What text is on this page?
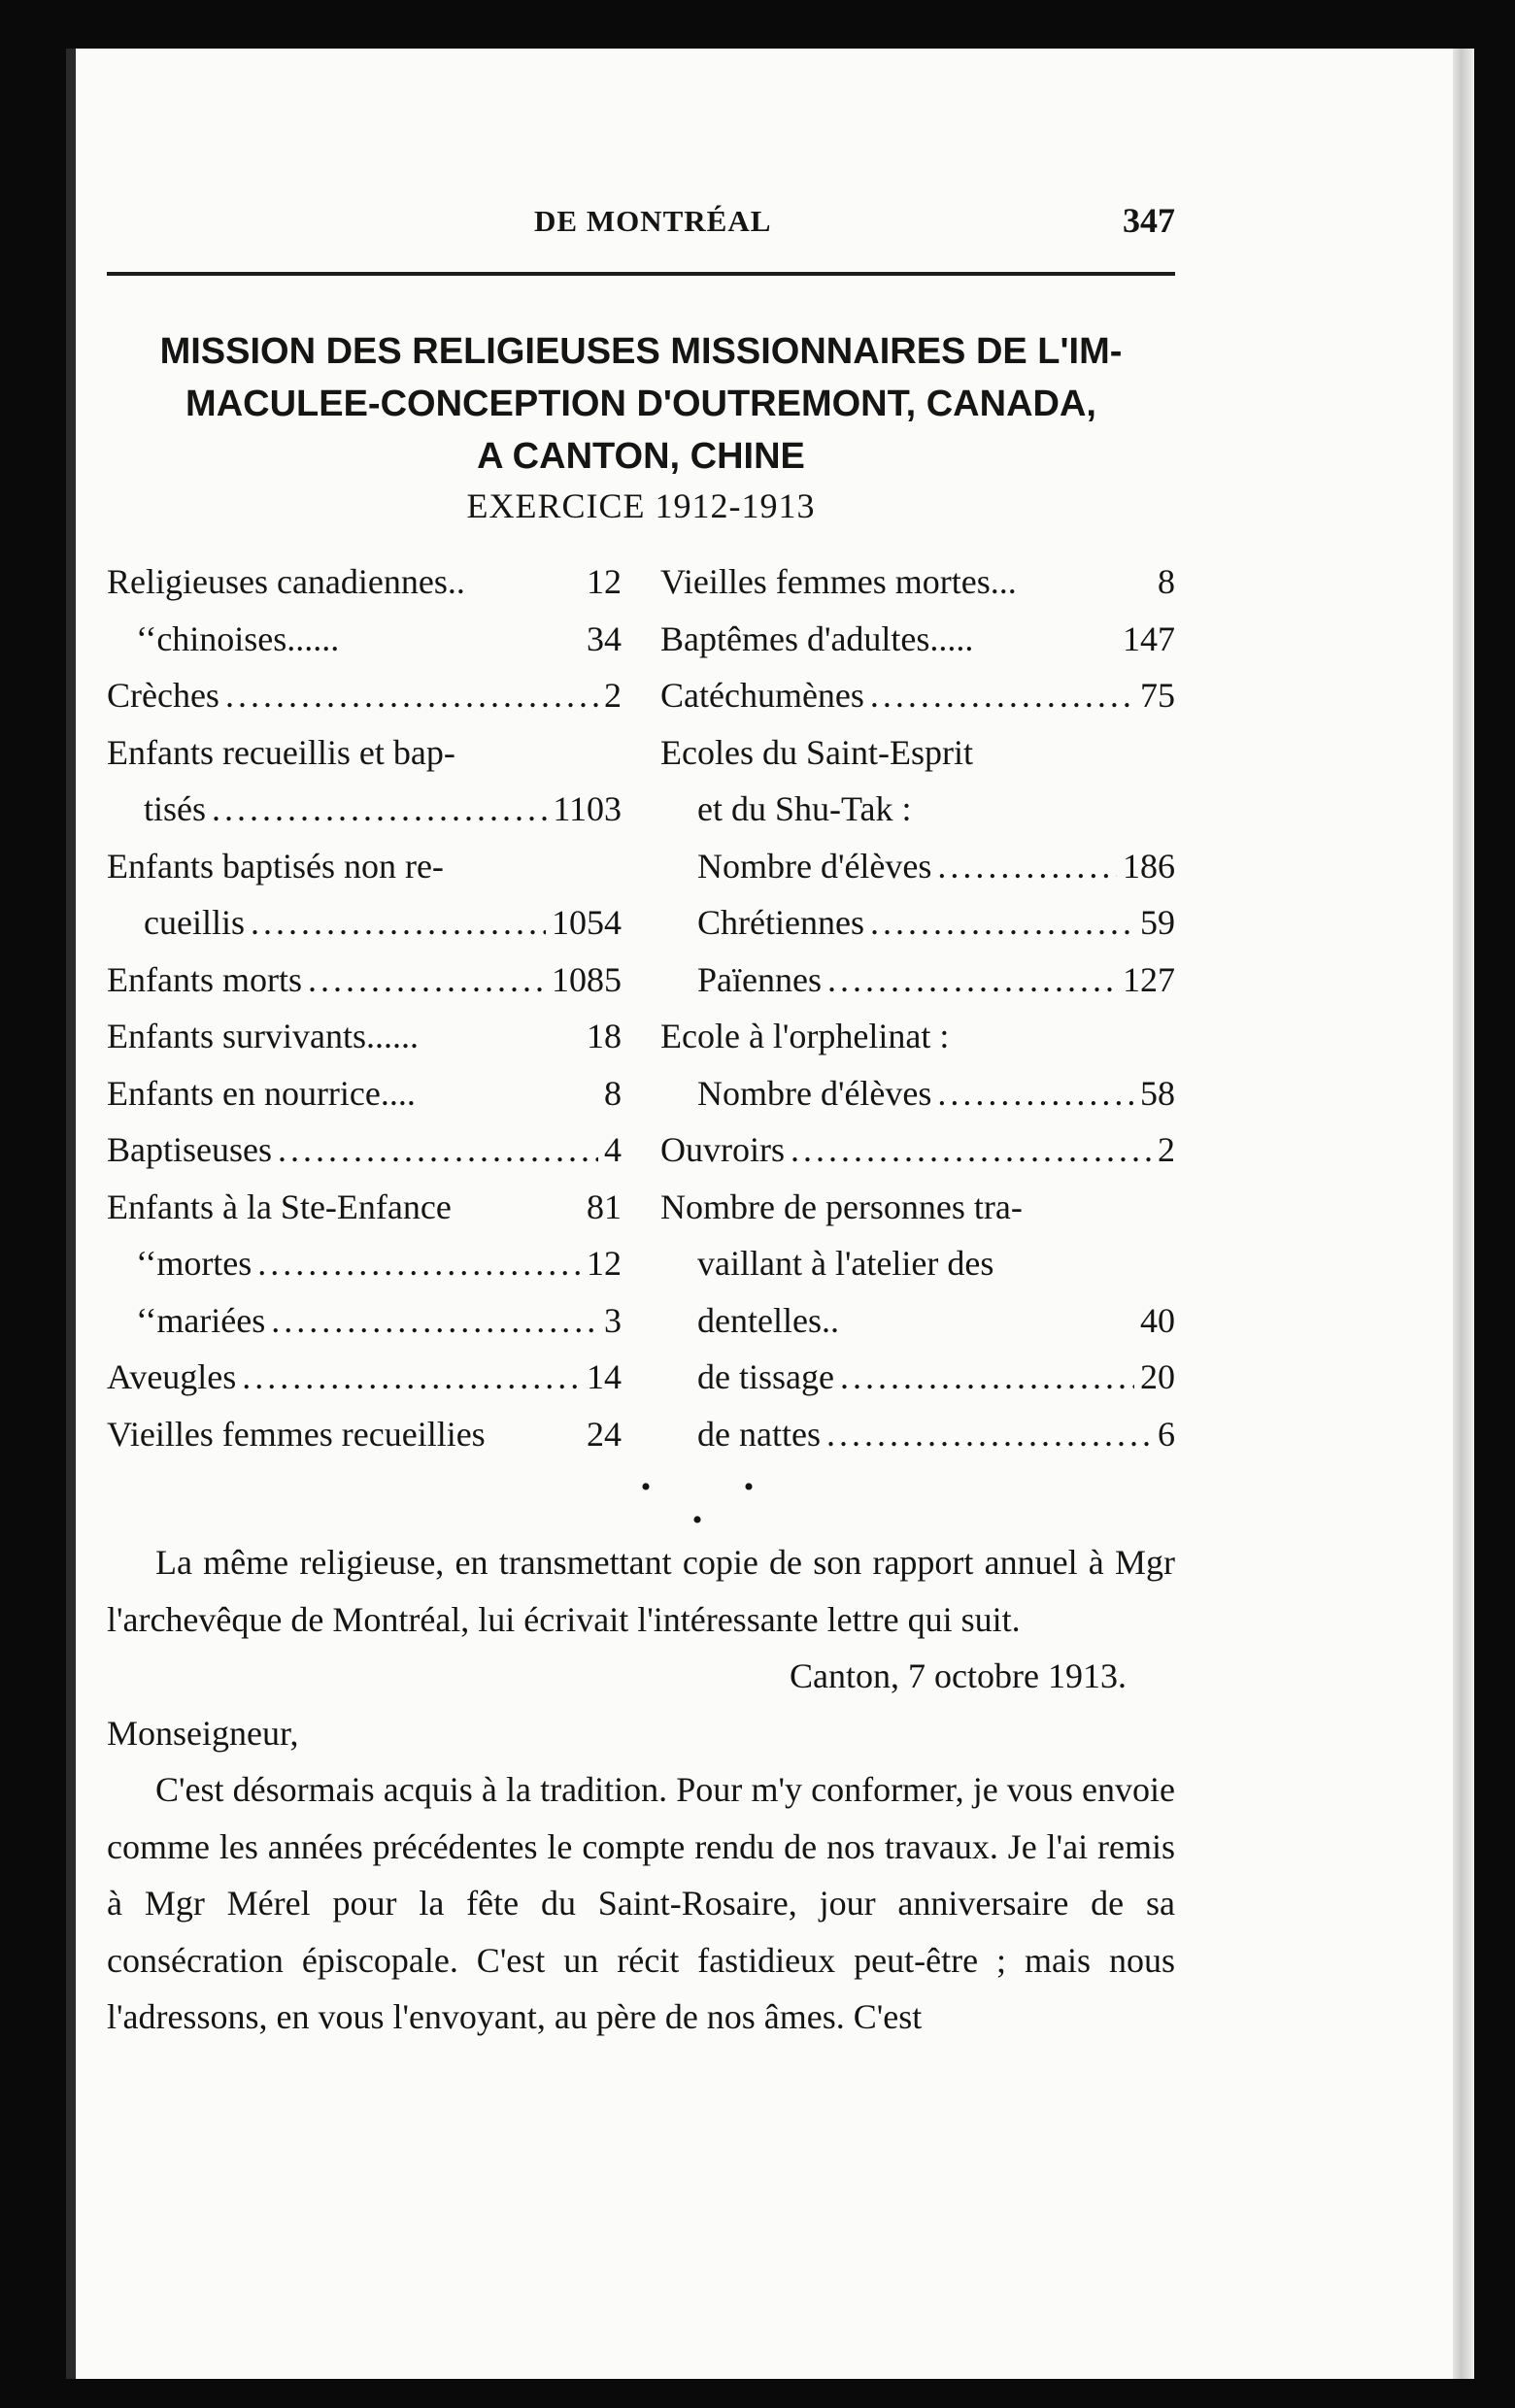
DE MONTRÉAL	347
MISSION DES RELIGIEUSES MISSIONNAIRES DE L'IM-
MACULEE-CONCEPTION D'OUTREMONT, CANADA,
A CANTON, CHINE
EXERCICE 1912-1913
Religieuses canadiennes..	12
‘‘ chinoises......	34
Crèches .....	2
Enfants recueillis et bap-
tisés .....	1103
Enfants baptisés non re-
cueillis .....	1054
Enfants morts .....	1085
Enfants survivants......	18
Enfants en nourrice....	8
Baptiseuses .....	4
Enfants à la Ste-Enfance	81
‘‘ mortes .....	12
‘‘ mariées .....	3
Aveugles .....	14
Vieilles femmes recueillies	24
Vieilles femmes mortes...	8
Baptêmes d'adultes.....	147
Catéchumènes .....	75
Ecoles du Saint-Esprit
et du Shu-Tak :
Nombre d'élèves .....	186
Chrétiennes .....	59
Païennes .....	127
Ecole à l'orphelinat :
Nombre d'élèves .....	58
Ouvroirs .....	2
Nombre de personnes tra-
vaillant à l'atelier des
dentelles..	40
de tissage .....	20
de nattes .....	6
• • •

La même religieuse, en transmettant copie de son rapport annuel à Mgr l'archevêque de Montréal, lui écrivait l'intéressante lettre qui suit.

Canton, 7 octobre 1913.

Monseigneur,

C'est désormais acquis à la tradition. Pour m'y conformer, je vous envoie comme les années précédentes le compte rendu de nos travaux. Je l'ai remis à Mgr Mérel pour la fête du Saint-Rosaire, jour anniversaire de sa consécration épiscopale. C'est un récit fastidieux peut-être ; mais nous l'adressons, en vous l'envoyant, au père de nos âmes. C'est
